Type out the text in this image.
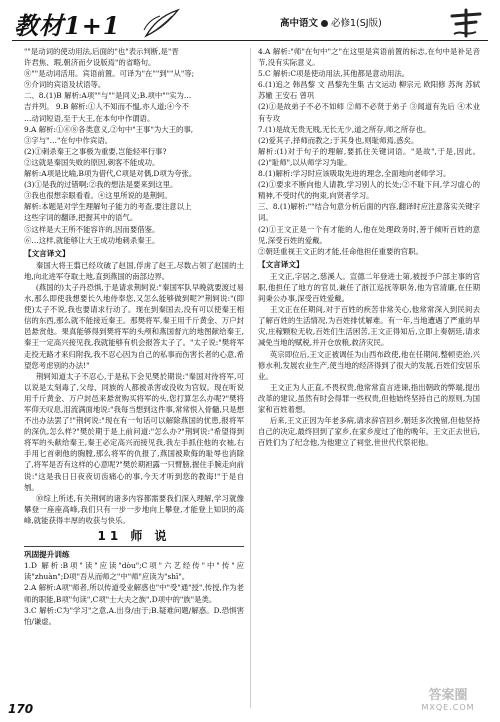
教材1+1	高中语文 必修1(SJ版)

""是动词的使动用法,后面的"也"表示判断,是"晋

许君焦、瑕,朝济而夕设版焉"的省略句。

⑧""是动词活用。宾语前置。可译为"在""到""从"等;

⑨介词的宾语及状语等。

二、8.(1)B 解析:A项""与""是同义;B.项中""实为…

吉并列。 9.B 解析:①人不知而不愠,亦人道;④今不

…动词短语,至于大王,在本句中作谓语。

9.A 解析:①⑥⑧各类意义,②句中"王事"为大王的事,

③字与"…"在句中作宾语。

(2)①刺杀秦王之事极为重要,岂能轻率行事?

②这就是秦国失败的原因,刺客不能成功。

解析:A项是比喻,B项为借代,C项是对偶,D项为夸张。

(3)①是我的过错啊;②我的想法是要来到这里。

③我也很想亲眼看看。④这里所说的是荆轲。

解析:本题是对学生理解句子能力的考查,要注意以上

这些字词的翻译,把握其中的语气。

⑤这样是大王所不能容许的,因而要借鉴。

⑥…这样,就能够让大王成功地刺杀秦王。

【文言译文】

秦国大将王翦已经攻破了赵国,俘虏了赵王,尽数占领了赵国的土地,向北进军夺取土地,直到燕国的南部边界。

(燕国的)太子丹恐惧,于是请求荆轲说:"秦国军队早晚就要渡过易水,那么即使我想要长久地侍奉您,又怎么能够做到呢?"荆轲说:"(即使)太子不说,我也要请求行动了。现在到秦国去,没有可以使秦王相信的东西,那么就不能接近秦王。那樊将军,秦王用千斤黄金、万户封邑悬赏他。果真能够得到樊将军的头颅和燕国督亢的地图献给秦王,秦王一定高兴接见我,我就能够有机会报答太子了。"太子说:"樊将军走投无路才来归附我,我不忍心因为自己的私事而伤害长者的心意,希望您考虑别的办法!"

荆轲知道太子不忍心,于是私下会见樊於期说:"秦国对待将军,可以说是太刻毒了,父母、同族的人都被杀害或没收为官奴。现在听说用千斤黄金、万户封邑来悬赏购买将军的头,您打算怎么办呢?"樊将军仰天叹息,泪流满面地说:"我每当想到这件事,常常恨入骨髓,只是想不出办法罢了!"荆轲说:"现在有一句话可以解除燕国的忧患,报将军的深仇,怎么样?"樊於期于是上前问道:"怎么办?"荆轲说:"希望得到将军的头献给秦王,秦王必定高兴而接见我,我左手抓住他的衣袖,右手用匕首刺他的胸膛,那么将军的仇报了,燕国被欺侮的耻辱也消除了,将军是否有这样的心意呢?"樊於期袒露一只臂膀,握住手腕走向前说:"这是我日日夜夜切齿痛心的事,今天才听到您的教诲!"于是自刎。

⑩综上所述,有关荆轲的诸多内容都需要我们深入理解,学习就像攀登一座座高峰,我们只有一步一步地向上攀登,才能登上知识的高峰,就能获得丰厚的收获与快乐。

11 师 说
巩固提升训练

1.D 解析:B项"读"应读"dòu";C项"六艺经传"中"传"应读"zhuàn";D项"吾从而师之"中"师"应读为"shī"。

2.A 解析:A项"师者,所以传道受业解惑也"中"受"通"授",传授,作为老师的职能,B项"句读",C项"士大夫之族",D项中的"族"是类。

3.C 解析:C为"学习"之意,A.出身/由于;B.疑难问题/解惑。D.恐惧害怕/谦虚。

4.A 解析:"师"在句中"之"在这里是宾语前置的标志,在句中是补足音节,没有实际意义。

5.C 解析:C项是使动用法,其他都是意动用法。

6.(1)追之 韩昌黎 文 昌黎先生集 古文运动 柳宗元 欧阳修 苏洵 苏轼 苏辙 王安石 曾巩

(2)①是故弟子不必不如师 ②师不必贤于弟子 ③闻道有先后 ④术业有专攻

7.(1)是故无贵无贱,无长无少,道之所存,师之所存也。

(2)爱其子,择师而教之;于其身也,则耻师焉,惑矣。

解析:(1)对于句子的理解,要抓住关键词语。"是故",于是,因此。(2)"耻师",以从师学习为耻。

8.(1)解析:学习时应该吸取先进的理念,全面地向老师学习。

(2)①要求不断向他人请教,学习别人的长处;②不耻下问,学习虚心的精神,不受时代的拘束,向贤者学习。

三、8.(1)解析:""结合句意分析后面的内容,翻译时应注意落实关键字词。

(2)①王文正是一个有才能的人,他在处理政务时,善于倾听百姓的意见,深受百姓的爱戴。

②朝廷重视王文正的才能,任命他担任重要的官职。

【文言译文】

王文正,字居之,慈溪人。宣德二年登进士第,被授予户部主事的官职,他担任了地方的官员,兼任了浙江巡抚等职务,他为官清廉,在任期间秉公办事,深受百姓爱戴。

王文正在任期间,对于百姓的疾苦非常关心,他常常深入到民间去了解百姓的生活情况,为百姓排忧解难。有一年,当地遭遇了严重的旱灾,庄稼颗粒无收,百姓们生活困苦,王文正得知后,立即上奏朝廷,请求减免当地的赋税,并开仓放粮,救济灾民。

英宗即位后,王文正被调任为山西布政使,他在任期间,整顿吏治,兴修水利,发展农业生产,使当地的经济得到了很大的发展,百姓们安居乐业。

王文正为人正直,不畏权贵,他常常直言进谏,指出朝政的弊端,提出改革的建议,虽然有时会得罪一些权贵,但他始终坚持自己的原则,为国家和百姓着想。

后来,王文正因为年老多病,请求辞官回乡,朝廷多次挽留,但他坚持自己的决定,最终回到了家乡,在家乡度过了他的晚年。王文正去世后,百姓们为了纪念他,为他建立了祠堂,世世代代祭祀他。

170
答案圈
MXQE.COM
